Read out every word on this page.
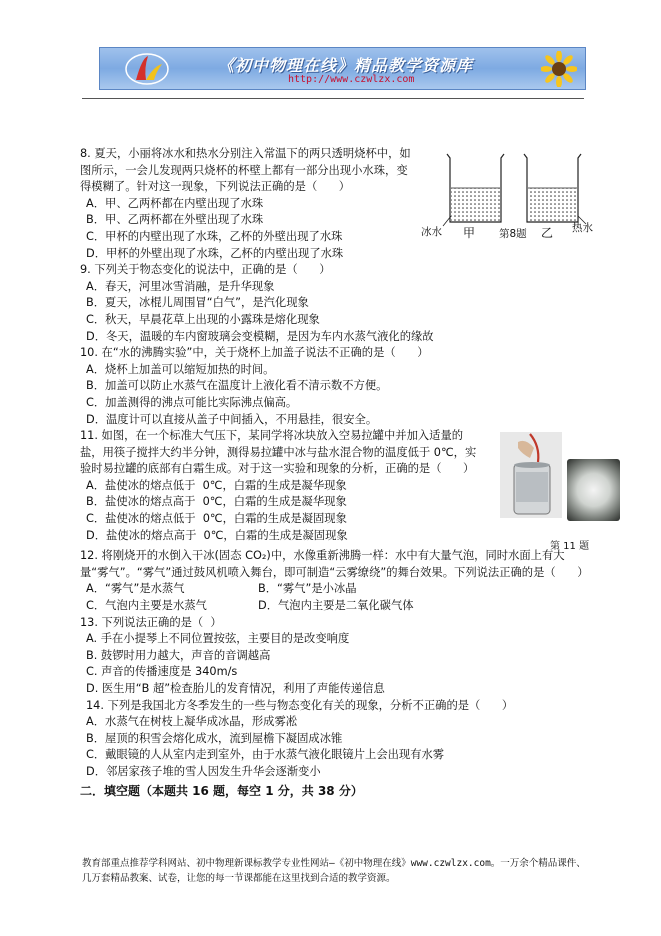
《初中物理在线》精品教学资源库
http://www.czwlzx.com
冰水 甲 第8题 乙 热水
第 11 题

8. 夏天，小丽将冰水和热水分别注入常温下的两只透明烧杯中，如图所示，一会儿发现两只烧杯的杯壁上都有一部分出现小水珠，变得模糊了。针对这一现象，下列说法正确的是（      ）

A．甲、乙两杯都在内壁出现了水珠

B．甲、乙两杯都在外壁出现了水珠

C．甲杯的内壁出现了水珠，乙杯的外壁出现了水珠

D．甲杯的外壁出现了水珠，乙杯的内壁出现了水珠

9. 下列关于物态变化的说法中，正确的是（      ）

A．春天，河里冰雪消融，是升华现象

B．夏天，冰棍儿周围冒“白气”，是汽化现象

C．秋天，早晨花草上出现的小露珠是熔化现象

D．冬天，温暖的车内窗玻璃会变模糊，是因为车内水蒸气液化的缘故

10. 在“水的沸腾实验”中，关于烧杯上加盖子说法不正确的是（      ）

A．烧杯上加盖可以缩短加热的时间。

B．加盖可以防止水蒸气在温度计上液化看不清示数不方便。

C．加盖测得的沸点可能比实际沸点偏高。

D．温度计可以直接从盖子中间插入，不用悬挂，很安全。

11. 如图，在一个标准大气压下，某同学将冰块放入空易拉罐中并加入适量的盐，用筷子搅拌大约半分钟，测得易拉罐中冰与盐水混合物的温度低于 0℃，实验时易拉罐的底部有白霜生成。对于这一实验和现象的分析，正确的是（      ）

A．盐使冰的熔点低于  0℃，白霜的生成是凝华现象

B．盐使冰的熔点高于  0℃，白霜的生成是凝华现象

C．盐使冰的熔点低于  0℃，白霜的生成是凝固现象

D．盐使冰的熔点高于  0℃，白霜的生成是凝固现象

12. 将刚烧开的水倒入干冰(固态 CO₂)中，水像重新沸腾一样：水中有大量气泡，同时水面上有大量“雾气”。“雾气”通过鼓风机喷入舞台，即可制造“云雾缭绕”的舞台效果。下列说法正确的是（      ）

A．“雾气”是水蒸气	B．“雾气”是小冰晶
C．气泡内主要是水蒸气	D．气泡内主要是二氧化碳气体

13. 下列说法正确的是（  ）

A. 手在小提琴上不同位置按弦，主要目的是改变响度

B. 鼓锣时用力越大，声音的音调越高

C. 声音的传播速度是 340m/s

D. 医生用“B 超”检查胎儿的发育情况，利用了声能传递信息

14. 下列是我国北方冬季发生的一些与物态变化有关的现象，分析不正确的是（      ）

A．水蒸气在树枝上凝华成冰晶，形成雾凇

B．屋顶的积雪会熔化成水，流到屋檐下凝固成冰锥

C．戴眼镜的人从室内走到室外，由于水蒸气液化眼镜片上会出现有水雾

D．邻居家孩子堆的雪人因发生升华会逐渐变小

二．填空题（本题共 16 题，每空 1 分，共 38 分）
教育部重点推荐学科网站、初中物理新课标教学专业性网站—《初中物理在线》www.czwlzx.com。一万余个精品课件、几万套精品教案、试卷，让您的每一节课都能在这里找到合适的教学资源。
